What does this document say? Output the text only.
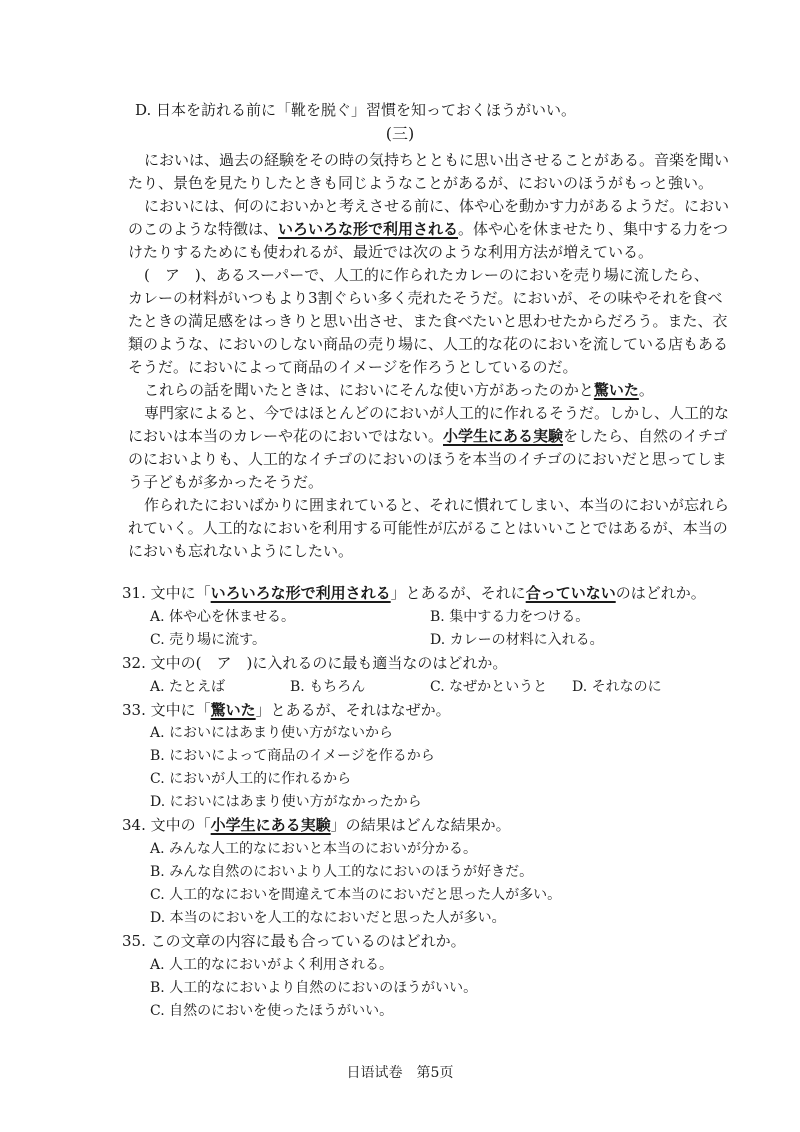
D. 日本を訪れる前に「靴を脱ぐ」習慣を知っておくほうがいい。
(三)
においは、過去の経験をその時の気持ちとともに思い出させることがある。音楽を聞い
たり、景色を見たりしたときも同じようなことがあるが、においのほうがもっと強い。
においには、何のにおいかと考えさせる前に、体や心を動かす力があるようだ。におい
のこのような特徴は、いろいろな形で利用される。体や心を休ませたり、集中する力をつ
けたりするためにも使われるが、最近では次のような利用方法が増えている。
(　ア　)、あるスーパーで、人工的に作られたカレーのにおいを売り場に流したら、
カレーの材料がいつもより3割ぐらい多く売れたそうだ。においが、その味やそれを食べ
たときの満足感をはっきりと思い出させ、また食べたいと思わせたからだろう。また、衣
類のような、においのしない商品の売り場に、人工的な花のにおいを流している店もある
そうだ。においによって商品のイメージを作ろうとしているのだ。
これらの話を聞いたときは、においにそんな使い方があったのかと驚いた。
専門家によると、今ではほとんどのにおいが人工的に作れるそうだ。しかし、人工的な
においは本当のカレーや花のにおいではない。小学生にある実験をしたら、自然のイチゴ
のにおいよりも、人工的なイチゴのにおいのほうを本当のイチゴのにおいだと思ってしま
う子どもが多かったそうだ。
作られたにおいばかりに囲まれていると、それに慣れてしまい、本当のにおいが忘れら
れていく。人工的なにおいを利用する可能性が広がることはいいことではあるが、本当の
においも忘れないようにしたい。
31. 文中に「いろいろな形で利用される」とあるが、それに合っていないのはどれか。
A. 体や心を休ませる。	B. 集中する力をつける。
C. 売り場に流す。	D. カレーの材料に入れる。
32. 文中の(　ア　)に入れるのに最も適当なのはどれか。
A. たとえば	B. もちろん	C. なぜかというと D. それなのに
33. 文中に「驚いた」とあるが、それはなぜか。
A. においにはあまり使い方がないから
B. においによって商品のイメージを作るから
C. においが人工的に作れるから
D. においにはあまり使い方がなかったから
34. 文中の「小学生にある実験」の結果はどんな結果か。
A. みんな人工的なにおいと本当のにおいが分かる。
B. みんな自然のにおいより人工的なにおいのほうが好きだ。
C. 人工的なにおいを間違えて本当のにおいだと思った人が多い。
D. 本当のにおいを人工的なにおいだと思った人が多い。
35. この文章の内容に最も合っているのはどれか。
A. 人工的なにおいがよく利用される。
B. 人工的なにおいより自然のにおいのほうがいい。
C. 自然のにおいを使ったほうがいい。
日语试卷　第5页
